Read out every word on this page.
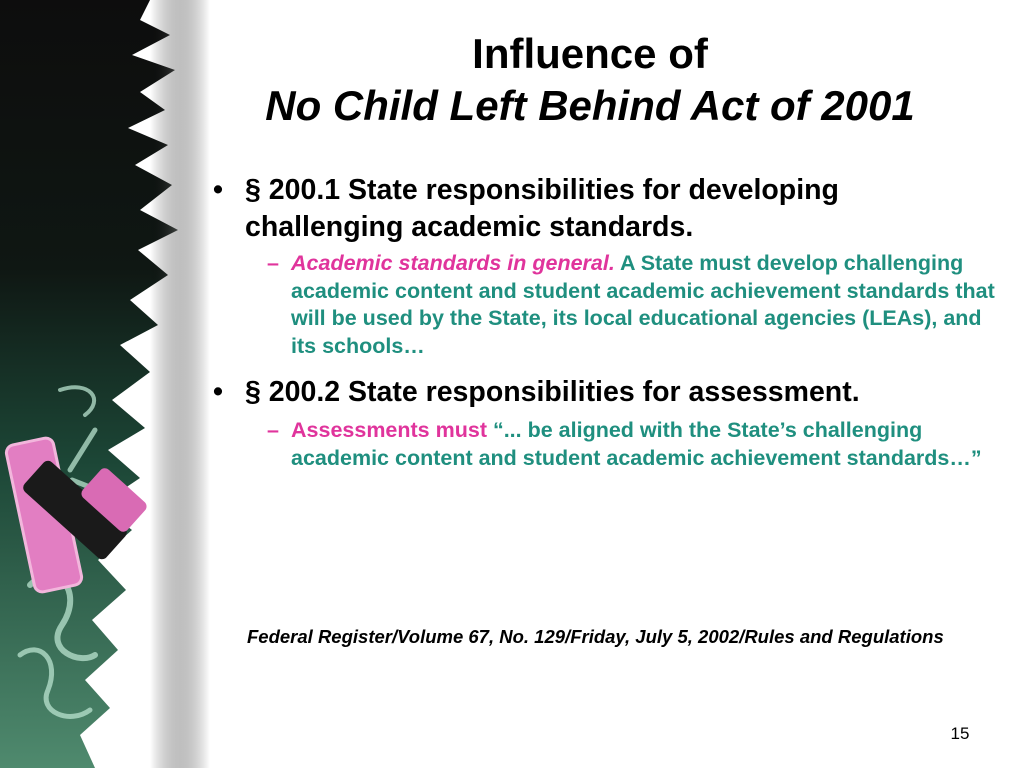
Influence of
No Child Left Behind Act of 2001
• § 200.1 State responsibilities for developing challenging academic standards.
– Academic standards in general. A State must develop challenging academic content and student academic achievement standards that will be used by the State, its local educational agencies (LEAs), and its schools…
• § 200.2 State responsibilities for assessment.
– Assessments must “... be aligned with the State’s challenging academic content and student academic achievement standards…”
Federal Register/Volume 67, No. 129/Friday, July 5, 2002/Rules and Regulations
15
